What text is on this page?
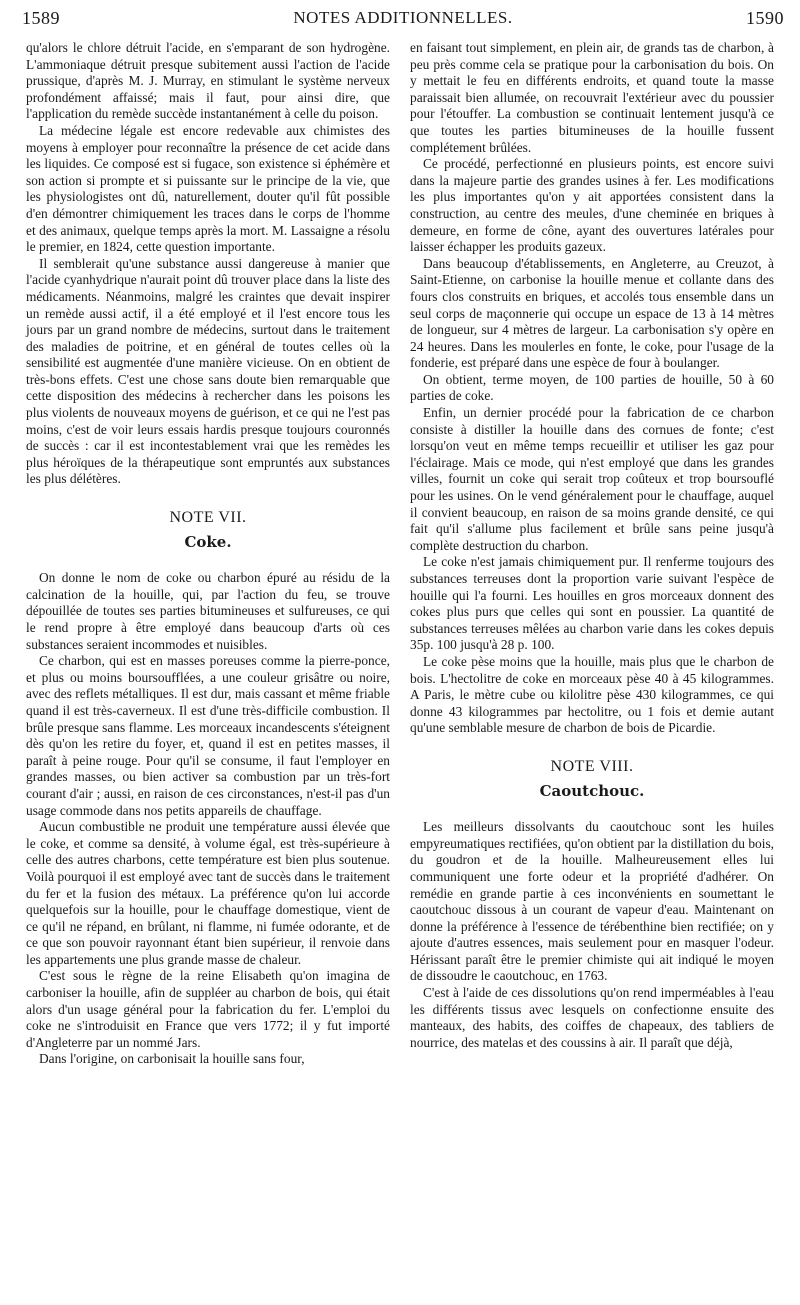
1589	NOTES ADDITIONNELLES.	1590

qu'alors le chlore détruit l'acide, en s'emparant de son hydrogène. L'ammoniaque détruit presque subitement aussi l'action de l'acide prussique, d'après M. J. Murray, en stimulant le système nerveux profondément affaissé; mais il faut, pour ainsi dire, que l'application du remède succède instantanément à celle du poison.

La médecine légale est encore redevable aux chimistes des moyens à employer pour reconnaître la présence de cet acide dans les liquides. Ce composé est si fugace, son existence si éphémère et son action si prompte et si puissante sur le principe de la vie, que les physiologistes ont dû, naturellement, douter qu'il fût possible d'en démontrer chimiquement les traces dans le corps de l'homme et des animaux, quelque temps après la mort. M. Lassaigne a résolu le premier, en 1824, cette question importante.

Il semblerait qu'une substance aussi dangereuse à manier que l'acide cyanhydrique n'aurait point dû trouver place dans la liste des médicaments. Néanmoins, malgré les craintes que devait inspirer un remède aussi actif, il a été employé et il l'est encore tous les jours par un grand nombre de médecins, surtout dans le traitement des maladies de poitrine, et en général de toutes celles où la sensibilité est augmentée d'une manière vicieuse. On en obtient de très-bons effets. C'est une chose sans doute bien remarquable que cette disposition des médecins à rechercher dans les poisons les plus violents de nouveaux moyens de guérison, et ce qui ne l'est pas moins, c'est de voir leurs essais hardis presque toujours couronnés de succès : car il est incontestablement vrai que les remèdes les plus héroïques de la thérapeutique sont empruntés aux substances les plus délétères.

NOTE VII.
Coke.

On donne le nom de coke ou charbon épuré au résidu de la calcination de la houille, qui, par l'action du feu, se trouve dépouillée de toutes ses parties bitumineuses et sulfureuses, ce qui le rend propre à être employé dans beaucoup d'arts où ces substances seraient incommodes et nuisibles.

Ce charbon, qui est en masses poreuses comme la pierre-ponce, et plus ou moins boursoufflées, a une couleur grisâtre ou noire, avec des reflets métalliques. Il est dur, mais cassant et même friable quand il est très-caverneux. Il est d'une très-difficile combustion. Il brûle presque sans flamme. Les morceaux incandescents s'éteignent dès qu'on les retire du foyer, et, quand il est en petites masses, il paraît à peine rouge. Pour qu'il se consume, il faut l'employer en grandes masses, ou bien activer sa combustion par un très-fort courant d'air ; aussi, en raison de ces circonstances, n'est-il pas d'un usage commode dans nos petits appareils de chauffage.

Aucun combustible ne produit une température aussi élevée que le coke, et comme sa densité, à volume égal, est très-supérieure à celle des autres charbons, cette température est bien plus soutenue. Voilà pourquoi il est employé avec tant de succès dans le traitement du fer et la fusion des métaux. La préférence qu'on lui accorde quelquefois sur la houille, pour le chauffage domestique, vient de ce qu'il ne répand, en brûlant, ni flamme, ni fumée odorante, et de ce que son pouvoir rayonnant étant bien supérieur, il renvoie dans les appartements une plus grande masse de chaleur.

C'est sous le règne de la reine Elisabeth qu'on imagina de carboniser la houille, afin de suppléer au charbon de bois, qui était alors d'un usage général pour la fabrication du fer. L'emploi du coke ne s'introduisit en France que vers 1772; il y fut importé d'Angleterre par un nommé Jars.

Dans l'origine, on carbonisait la houille sans four,

en faisant tout simplement, en plein air, de grands tas de charbon, à peu près comme cela se pratique pour la carbonisation du bois. On y mettait le feu en différents endroits, et quand toute la masse paraissait bien allumée, on recouvrait l'extérieur avec du poussier pour l'étouffer. La combustion se continuait lentement jusqu'à ce que toutes les parties bitumineuses de la houille fussent complétement brûlées.

Ce procédé, perfectionné en plusieurs points, est encore suivi dans la majeure partie des grandes usines à fer. Les modifications les plus importantes qu'on y ait apportées consistent dans la construction, au centre des meules, d'une cheminée en briques à demeure, en forme de cône, ayant des ouvertures latérales pour laisser échapper les produits gazeux.

Dans beaucoup d'établissements, en Angleterre, au Creuzot, à Saint-Etienne, on carbonise la houille menue et collante dans des fours clos construits en briques, et accolés tous ensemble dans un seul corps de maçonnerie qui occupe un espace de 13 à 14 mètres de longueur, sur 4 mètres de largeur. La carbonisation s'y opère en 24 heures. Dans les moulerles en fonte, le coke, pour l'usage de la fonderie, est préparé dans une espèce de four à boulanger.

On obtient, terme moyen, de 100 parties de houille, 50 à 60 parties de coke.

Enfin, un dernier procédé pour la fabrication de ce charbon consiste à distiller la houille dans des cornues de fonte; c'est lorsqu'on veut en même temps recueillir et utiliser les gaz pour l'éclairage. Mais ce mode, qui n'est employé que dans les grandes villes, fournit un coke qui serait trop coûteux et trop boursouflé pour les usines. On le vend généralement pour le chauffage, auquel il convient beaucoup, en raison de sa moins grande densité, ce qui fait qu'il s'allume plus facilement et brûle sans peine jusqu'à complète destruction du charbon.

Le coke n'est jamais chimiquement pur. Il renferme toujours des substances terreuses dont la proportion varie suivant l'espèce de houille qui l'a fourni. Les houilles en gros morceaux donnent des cokes plus purs que celles qui sont en poussier. La quantité de substances terreuses mêlées au charbon varie dans les cokes depuis 35p. 100 jusqu'à 28 p. 100.

Le coke pèse moins que la houille, mais plus que le charbon de bois. L'hectolitre de coke en morceaux pèse 40 à 45 kilogrammes. A Paris, le mètre cube ou kilolitre pèse 430 kilogrammes, ce qui donne 43 kilogrammes par hectolitre, ou 1 fois et demie autant qu'une semblable mesure de charbon de bois de Picardie.

NOTE VIII.
Caoutchouc.

Les meilleurs dissolvants du caoutchouc sont les huiles empyreumatiques rectifiées, qu'on obtient par la distillation du bois, du goudron et de la houille. Malheureusement elles lui communiquent une forte odeur et la propriété d'adhérer. On remédie en grande partie à ces inconvénients en soumettant le caoutchouc dissous à un courant de vapeur d'eau. Maintenant on donne la préférence à l'essence de térébenthine bien rectifiée; on y ajoute d'autres essences, mais seulement pour en masquer l'odeur. Hérissant paraît être le premier chimiste qui ait indiqué le moyen de dissoudre le caoutchouc, en 1763.

C'est à l'aide de ces dissolutions qu'on rend imperméables à l'eau les différents tissus avec lesquels on confectionne ensuite des manteaux, des habits, des coiffes de chapeaux, des tabliers de nourrice, des matelas et des coussins à air. Il paraît que déjà,
